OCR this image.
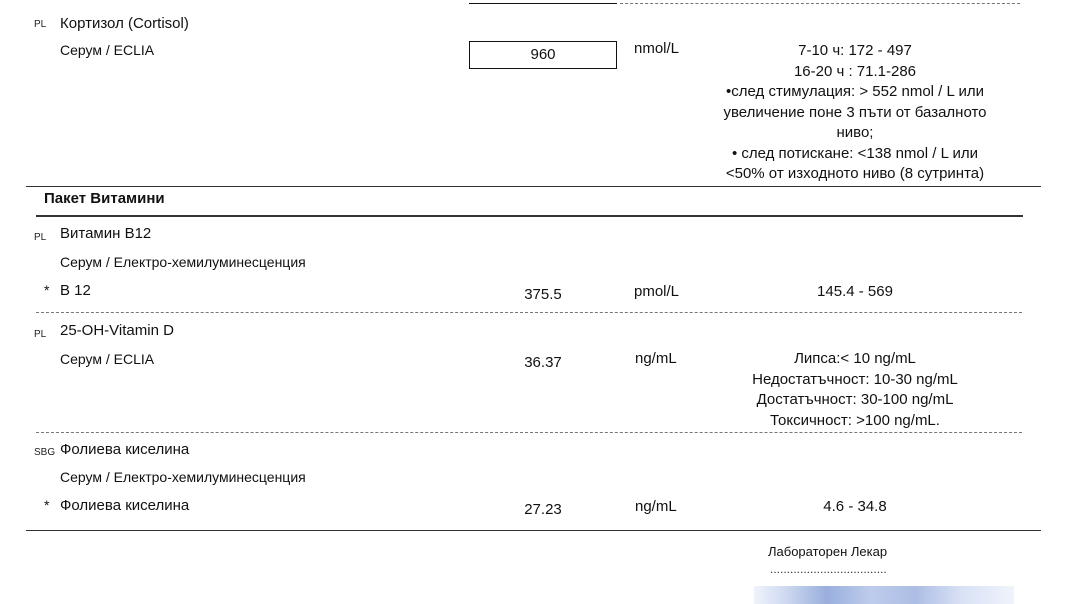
PL Кортизол (Cortisol)
Серум / ECLIA	960	nmol/L	7-10 ч: 172 - 497
16-20 ч : 71.1-286
•след стимулация: > 552 nmol / L или
увеличение поне 3 пъти от базалното
ниво;
• след потискане: <138 nmol / L или
<50% от изходното ниво (8 сутринта)
Пакет Витамини
PL Витамин B12
Серум / Електро-хемилуминесценция
* B 12	375.5	pmol/L	145.4 - 569
PL 25-OH-Vitamin D
Серум / ECLIA	36.37	ng/mL	Липса:< 10 ng/mL
Недостатъчност: 10-30 ng/mL
Достатъчност: 30-100 ng/mL
Токсичност: >100 ng/mL.
SBG Фолиева киселина
Серум / Електро-хемилуминесценция
* Фолиева киселина	27.23	ng/mL	4.6 - 34.8
Лабораторен Лекар
...................................
